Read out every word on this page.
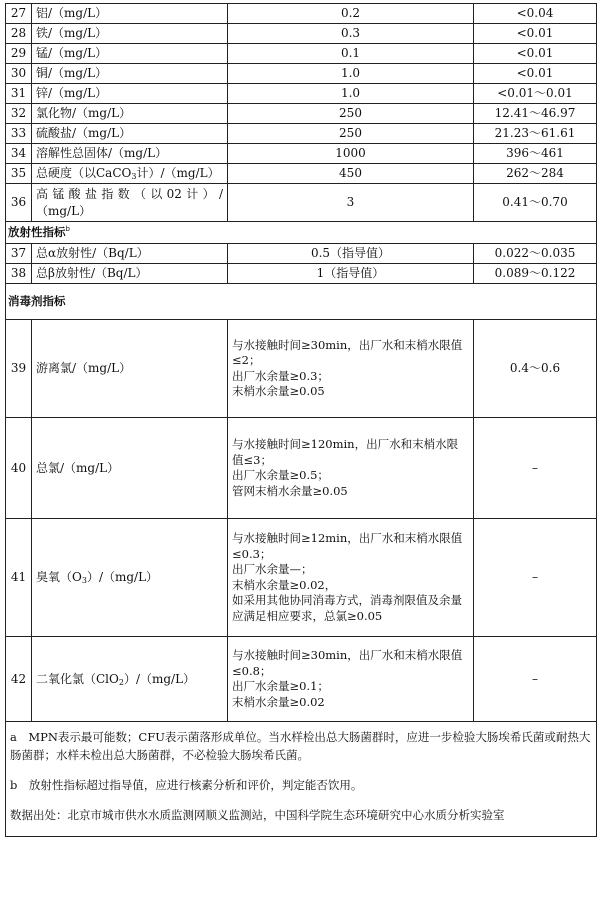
27	铝/（mg/L）	0.2	<0.04
28	铁/（mg/L）	0.3	<0.01
29	锰/（mg/L）	0.1	<0.01
30	铜/（mg/L）	1.0	<0.01
31	锌/（mg/L）	1.0	<0.01～0.01
32	氯化物/（mg/L）	250	12.41～46.97
33	硫酸盐/（mg/L）	250	21.23～61.61
34	溶解性总固体/（mg/L）	1000	396～461
35	总硬度（以CaCO$_3$计）/（mg/L）	450	262～284
36	高锰酸盐指数（以02计）/
（mg/L）	3	0.41～0.70
放射性指标$^b$
37	总α放射性/（Bq/L）	0.5（指导值）	0.022～0.035
38	总β放射性/（Bq/L）	1（指导值）	0.089～0.122
消毒剂指标			
39	游离氯/（mg/L）	与水接触时间≥30min，出厂水和末梢水限值≤2；
出厂水余量≥0.3；
末梢水余量≥0.05	0.4～0.6
40	总氯/（mg/L）	与水接触时间≥120min，出厂水和末梢水限值≤3；
出厂水余量≥0.5；
管网末梢水余量≥0.05	–
41	臭氧$(O_3)/(mg/L)$	与水接触时间≥12min，出厂水和末梢水限值≤0.3；
出厂水余量—；
末梢水余量≥0.02，
如采用其他协同消毒方式，消毒剂限值及余量应满足相应要求，总氯≥0.05	–
42	二氧化氯（ClO$_2$）/（mg/L）	与水接触时间≥30min，出厂水和末梢水限值≤0.8；
出厂水余量≥0.1；
末梢水余量≥0.02	–

a　MPN表示最可能数；CFU表示菌落形成单位。当水样检出总大肠菌群时，应进一步检验大肠埃希氏菌或耐热大肠菌群；水样未检出总大肠菌群，不必检验大肠埃希氏菌。

b　放射性指标超过指导值，应进行核素分析和评价，判定能否饮用。

数据出处：北京市城市供水水质监测网顺义监测站，中国科学院生态环境研究中心水质分析实验室			
